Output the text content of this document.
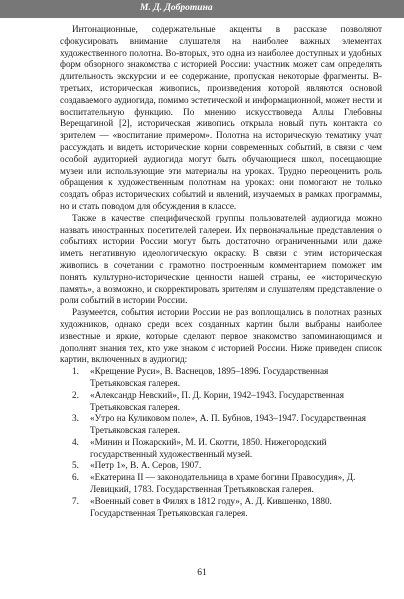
М. Д. Добротина

Интонационные, содержательные акценты в рассказе позволяют сфокусировать внимание слушателя на наиболее важных элементах художественного полотна. Во-вторых, это одна из наиболее доступных и удобных форм обзорного знакомства с историей России: участник может сам определять длительность экскурсии и ее содержание, пропуская некоторые фрагменты. В-третьих, историческая живопись, произведения которой являются основой создаваемого аудиогида, помимо эстетической и информационной, может нести и воспитательную функцию. По мнению искусствоведа Аллы Глебовны Верещагиной [2], историческая живопись открыла новый путь контакта со зрителем — «воспитание примером». Полотна на историческую тематику учат рассуждать и видеть исторические корни современных событий, в связи с чем особой аудиторией аудиогида могут быть обучающиеся школ, посещающие музеи или использующие эти материалы на уроках. Трудно переоценить роль обращения к художественным полотнам на уроках: они помогают не только создать образ исторических событий и явлений, изучаемых в рамках программы, но и стать поводом для обсуждения в классе.

Также в качестве специфической группы пользователей аудиогида можно назвать иностранных посетителей галереи. Их первоначальные представления о событиях истории России могут быть достаточно ограниченными или даже иметь негативную идеологическую окраску. В связи с этим историческая живопись в сочетании с грамотно построенным комментарием поможет им понять культурно-исторические ценности нашей страны, ее «историческую память», а возможно, и скорректировать зрителям и слушателям представление о роли событий в истории России.

Разумеется, события истории России не раз воплощались в полотнах разных художников, однако среди всех созданных картин были выбраны наиболее известные и яркие, которые сделают первое знакомство запоминающимся и дополнят знания тех, кто уже знаком с историей России. Ниже приведен список картин, включенных в аудиогид:

1. «Крещение Руси», В. Васнецов, 1895–1896. Государственная Третьяковская галерея.
2. «Александр Невский», П. Д. Корин, 1942–1943. Государственная Третьяковская галерея.
3. «Утро на Куликовом поле», А. П. Бубнов, 1943–1947. Государственная Третьяковская галерея.
4. «Минин и Пожарский», М. И. Скотти, 1850. Нижегородский государственный художественный музей.
5. «Петр 1», В. А. Серов, 1907.
6. «Екатерина II — законодательница в храме богини Правосудия», Д. Левицкий, 1783. Государственная Третьяковская галерея.
7. «Военный совет в Филях в 1812 году», А. Д. Кившенко, 1880. Государственная Третьяковская галерея.
61
